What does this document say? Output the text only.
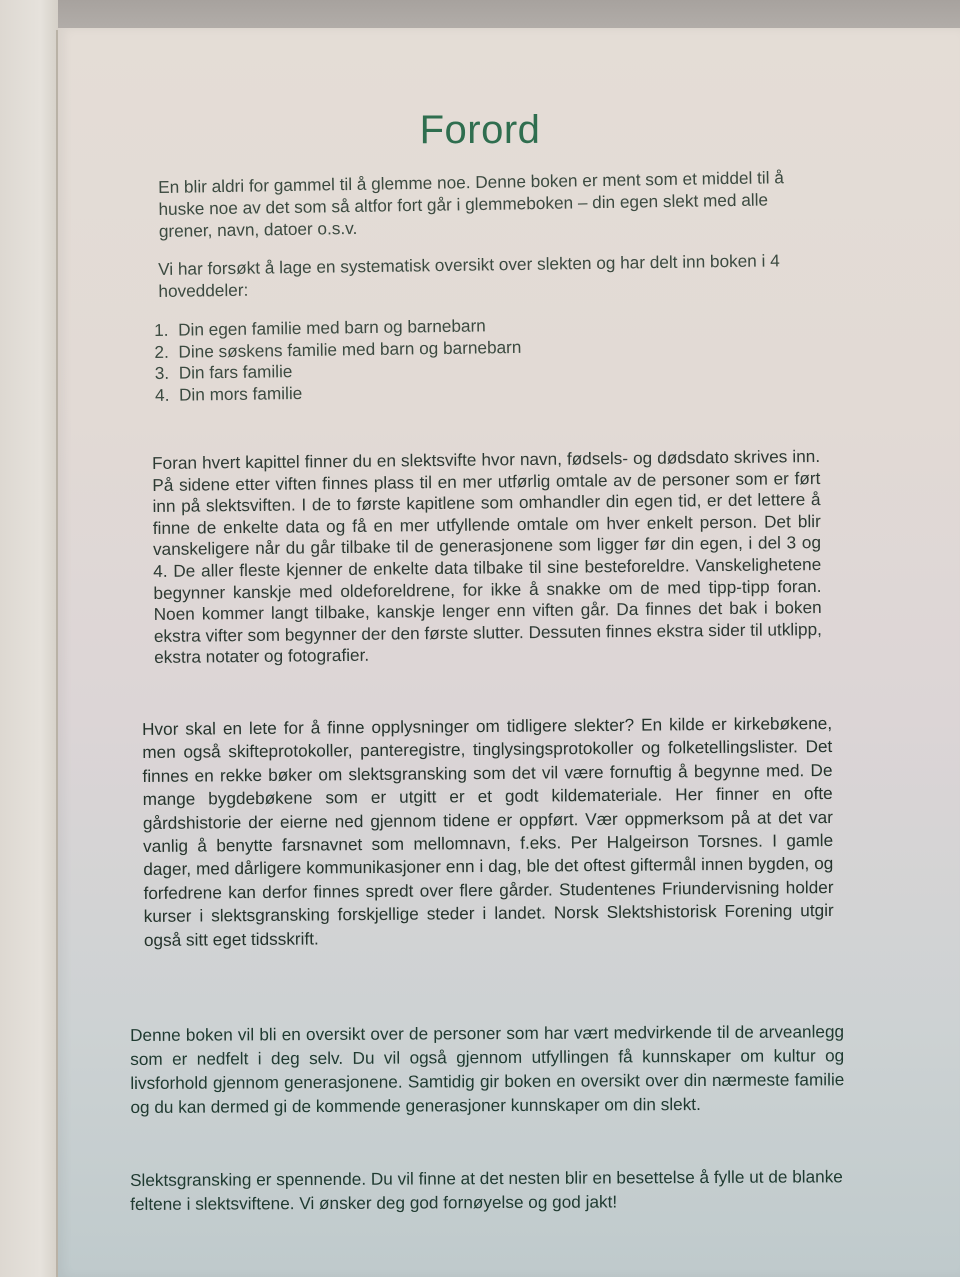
Forord

En blir aldri for gammel til å glemme noe. Denne boken er ment som et middel til å huske noe av det som så altfor fort går i glemmeboken – din egen slekt med alle grener, navn, datoer o.s.v.

Vi har forsøkt å lage en systematisk oversikt over slekten og har delt inn boken i 4 hoveddeler:

1. Din egen familie med barn og barnebarn
2. Dine søskens familie med barn og barnebarn
3. Din fars familie
4. Din mors familie

Foran hvert kapittel finner du en slektsvifte hvor navn, fødsels- og dødsdato skrives inn. På sidene etter viften finnes plass til en mer utførlig omtale av de personer som er ført inn på slektsviften. I de to første kapitlene som omhandler din egen tid, er det lettere å finne de enkelte data og få en mer utfyllende omtale om hver enkelt person. Det blir vanskeligere når du går tilbake til de generasjonene som ligger før din egen, i del 3 og 4. De aller fleste kjenner de enkelte data tilbake til sine besteforeldre. Vanskelighetene begynner kanskje med oldeforeldrene, for ikke å snakke om de med tipp-tipp foran. Noen kommer langt tilbake, kanskje lenger enn viften går. Da finnes det bak i boken ekstra vifter som begynner der den første slutter. Dessuten finnes ekstra sider til utklipp, ekstra notater og fotografier.

Hvor skal en lete for å finne opplysninger om tidligere slekter? En kilde er kirkebøkene, men også skifteprotokoller, panteregistre, tinglysingsprotokoller og folketellingslister. Det finnes en rekke bøker om slektsgransking som det vil være fornuftig å begynne med. De mange bygdebøkene som er utgitt er et godt kildemateriale. Her finner en ofte gårdshistorie der eierne ned gjennom tidene er oppført. Vær oppmerksom på at det var vanlig å benytte farsnavnet som mellomnavn, f.eks. Per Halgeirson Torsnes. I gamle dager, med dårligere kommunikasjoner enn i dag, ble det oftest giftermål innen bygden, og forfedrene kan derfor finnes spredt over flere gårder. Studentenes Friundervisning holder kurser i slektsgransking forskjellige steder i landet. Norsk Slektshistorisk Forening utgir også sitt eget tidsskrift.

Denne boken vil bli en oversikt over de personer som har vært medvirkende til de arveanlegg som er nedfelt i deg selv. Du vil også gjennom utfyllingen få kunnskaper om kultur og livsforhold gjennom generasjonene. Samtidig gir boken en oversikt over din nærmeste familie og du kan dermed gi de kommende generasjoner kunnskaper om din slekt.

Slektsgransking er spennende. Du vil finne at det nesten blir en besettelse å fylle ut de blanke feltene i slektsviftene. Vi ønsker deg god fornøyelse og god jakt!
